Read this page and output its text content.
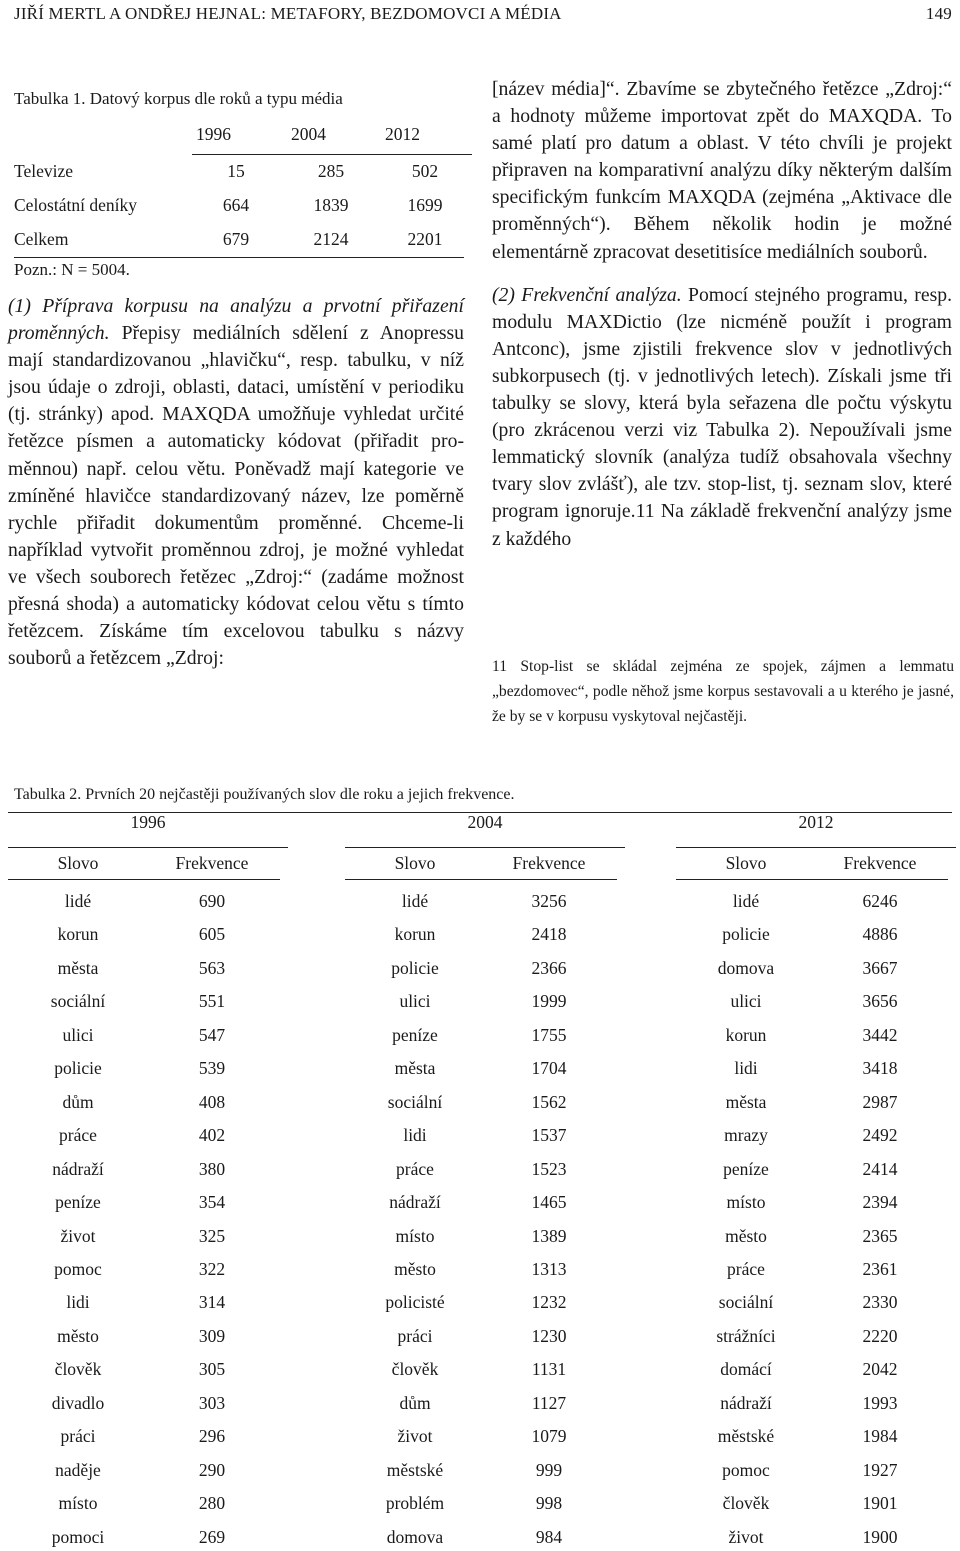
JIŘÍ MERTL A ONDŘEJ HEJNAL: METAFORY, BEZDOMOVCI A MÉDIA	149
Tabulka 1. Datový korpus dle roků a typu média
1996	2004	2012
Televize	15	285	502
Celostátní deníky	664	1839	1699
Celkem	679	2124	2201
Pozn.: N = 5004.

(1) Příprava korpusu na analýzu a prvotní přiřazení proměnných. Přepisy mediálních sdělení z Anopressu mají standardizovanou „hlavičku“, resp. tabulku, v níž jsou údaje o zdroji, oblasti, dataci, umístění v periodiku (tj. stránky) apod. MAXQDA umožňuje vyhledat určité řetězce písmen a automaticky kódovat (přiřadit proměnnou) např. celou větu. Poněvadž mají kategorie ve zmíněné hlavičce standardizovaný název, lze poměrně rychle přiřadit dokumentům proměnné. Chceme-li například vytvořit proměnnou zdroj, je možné vyhledat ve všech souborech řetězec „Zdroj:“ (zadáme možnost přesná shoda) a automaticky kódovat celou větu s tímto řetězcem. Získáme tím excelovou tabulku s názvy souborů a řetězcem „Zdroj:

[název média]“. Zbavíme se zbytečného řetězce „Zdroj:“ a hodnoty můžeme importovat zpět do MAXQDA. To samé platí pro datum a oblast. V této chvíli je projekt připraven na komparativní analýzu díky některým dalším specifickým funkcím MAXQDA (zejména „Aktivace dle proměnných“). Během několik hodin je možné elementárně zpracovat desetitisíce mediálních souborů.

(2) Frekvenční analýza. Pomocí stejného programu, resp. modulu MAXDictio (lze nicméně použít i program Antconc), jsme zjistili frekvence slov v jednotlivých subkorpusech (tj. v jednotlivých letech). Získali jsme tři tabulky se slovy, která byla seřazena dle počtu výskytu (pro zkrácenou verzi viz Tabulka 2). Nepoužívali jsme lemmatický slovník (analýza tudíž obsahovala všechny tvary slov zvlášť), ale tzv. stop-list, tj. seznam slov, které program ignoruje.11 Na základě frekvenční analýzy jsme z každého

11 Stop-list se skládal zejména ze spojek, zájmen a lemmatu „bezdomovec“, podle něhož jsme korpus sestavovali a u kterého je jasné, že by se v korpusu vyskytoval nejčastěji.
Tabulka 2. Prvních 20 nejčastěji používaných slov dle roku a jejich frekvence.
1996
Slovo	Frekvence
lidé	690
korun	605
města	563
sociální	551
ulici	547
policie	539
dům	408
práce	402
nádraží	380
peníze	354
život	325
pomoc	322
lidi	314
město	309
člověk	305
divadlo	303
práci	296
naděje	290
místo	280
pomoci	269
2004
Slovo	Frekvence
lidé	3256
korun	2418
policie	2366
ulici	1999
peníze	1755
města	1704
sociální	1562
lidi	1537
práce	1523
nádraží	1465
místo	1389
město	1313
policisté	1232
práci	1230
člověk	1131
dům	1127
život	1079
městské	999
problém	998
domova	984
2012
Slovo	Frekvence
lidé	6246
policie	4886
domova	3667
ulici	3656
korun	3442
lidi	3418
města	2987
mrazy	2492
peníze	2414
místo	2394
město	2365
práce	2361
sociální	2330
strážníci	2220
domácí	2042
nádraží	1993
městské	1984
pomoc	1927
člověk	1901
život	1900
